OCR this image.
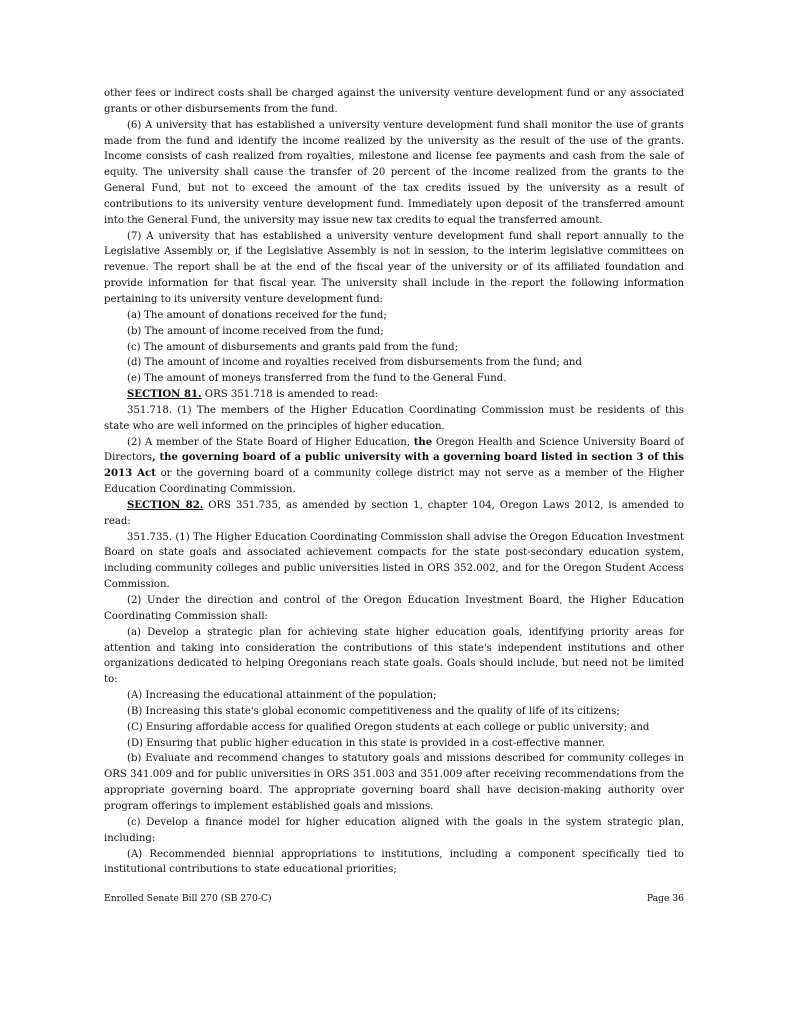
other fees or indirect costs shall be charged against the university venture development fund or any associated grants or other disbursements from the fund.

(6) A university that has established a university venture development fund shall monitor the use of grants made from the fund and identify the income realized by the university as the result of the use of the grants. Income consists of cash realized from royalties, milestone and license fee payments and cash from the sale of equity. The university shall cause the transfer of 20 percent of the income realized from the grants to the General Fund, but not to exceed the amount of the tax credits issued by the university as a result of contributions to its university venture development fund. Immediately upon deposit of the transferred amount into the General Fund, the university may issue new tax credits to equal the transferred amount.

(7) A university that has established a university venture development fund shall report annually to the Legislative Assembly or, if the Legislative Assembly is not in session, to the interim legislative committees on revenue. The report shall be at the end of the fiscal year of the university or of its affiliated foundation and provide information for that fiscal year. The university shall include in the report the following information pertaining to its university venture development fund:

(a) The amount of donations received for the fund;

(b) The amount of income received from the fund;

(c) The amount of disbursements and grants paid from the fund;

(d) The amount of income and royalties received from disbursements from the fund; and

(e) The amount of moneys transferred from the fund to the General Fund.

SECTION 81. ORS 351.718 is amended to read:

351.718. (1) The members of the Higher Education Coordinating Commission must be residents of this state who are well informed on the principles of higher education.

(2) A member of the State Board of Higher Education, the Oregon Health and Science University Board of Directors, the governing board of a public university with a governing board listed in section 3 of this 2013 Act or the governing board of a community college district may not serve as a member of the Higher Education Coordinating Commission.

SECTION 82. ORS 351.735, as amended by section 1, chapter 104, Oregon Laws 2012, is amended to read:

351.735. (1) The Higher Education Coordinating Commission shall advise the Oregon Education Investment Board on state goals and associated achievement compacts for the state post-secondary education system, including community colleges and public universities listed in ORS 352.002, and for the Oregon Student Access Commission.

(2) Under the direction and control of the Oregon Education Investment Board, the Higher Education Coordinating Commission shall:

(a) Develop a strategic plan for achieving state higher education goals, identifying priority areas for attention and taking into consideration the contributions of this state's independent institutions and other organizations dedicated to helping Oregonians reach state goals. Goals should include, but need not be limited to:

(A) Increasing the educational attainment of the population;

(B) Increasing this state's global economic competitiveness and the quality of life of its citizens;

(C) Ensuring affordable access for qualified Oregon students at each college or public university; and

(D) Ensuring that public higher education in this state is provided in a cost-effective manner.

(b) Evaluate and recommend changes to statutory goals and missions described for community colleges in ORS 341.009 and for public universities in ORS 351.003 and 351.009 after receiving recommendations from the appropriate governing board. The appropriate governing board shall have decision-making authority over program offerings to implement established goals and missions.

(c) Develop a finance model for higher education aligned with the goals in the system strategic plan, including:

(A) Recommended biennial appropriations to institutions, including a component specifically tied to institutional contributions to state educational priorities;

Enrolled Senate Bill 270 (SB 270-C)	Page 36
